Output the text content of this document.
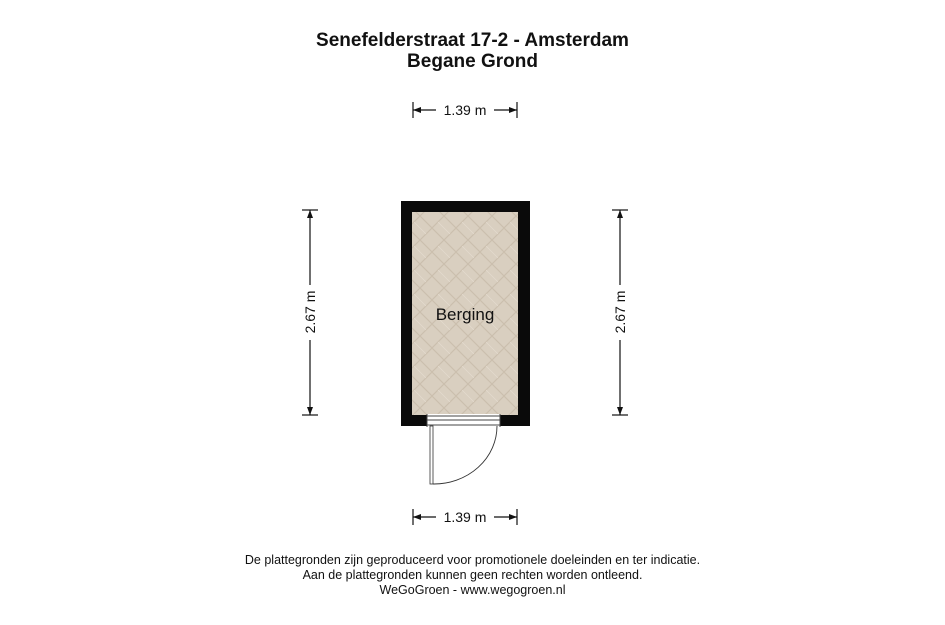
Senefelderstraat 17-2 - Amsterdam
Begane Grond
1.39 m
2.67 m	2.67 m
Berging
1.39 m
De plattegronden zijn geproduceerd voor promotionele doeleinden en ter indicatie.
Aan de plattegronden kunnen geen rechten worden ontleend.
WeGoGroen - www.wegogroen.nl
